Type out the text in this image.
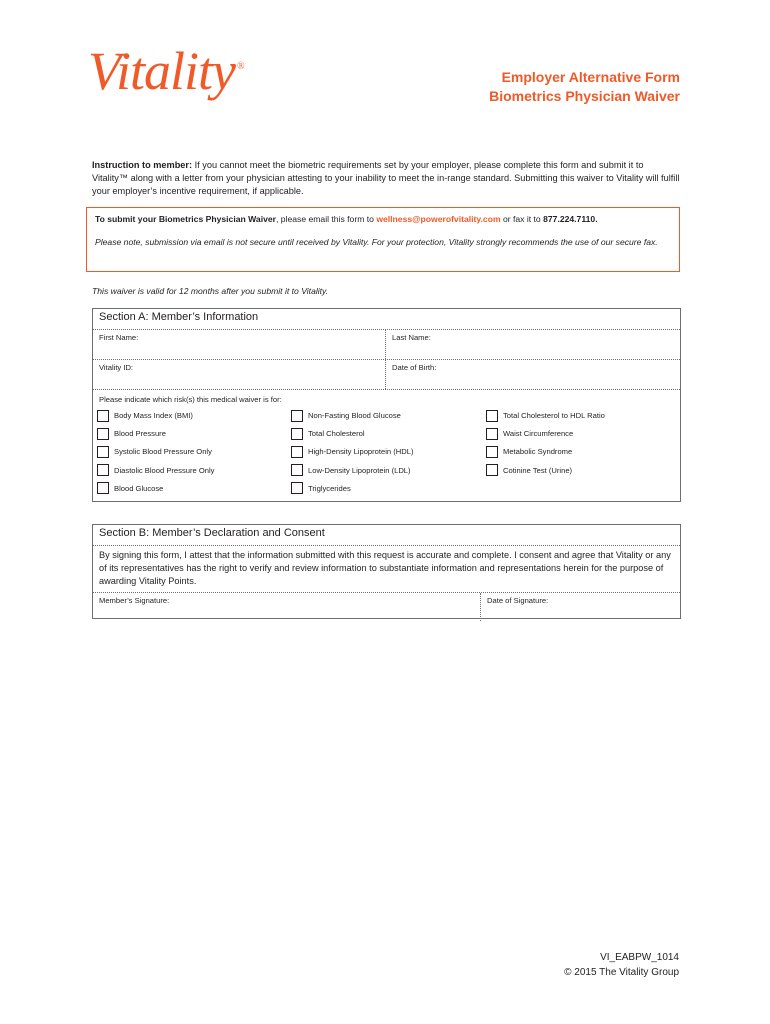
Vitality ®
Employer Alternative Form
Biometrics Physician Waiver
Instruction to member: If you cannot meet the biometric requirements set by your employer, please complete this form and submit it to Vitality™ along with a letter from your physician attesting to your inability to meet the in-range standard. Submitting this waiver to Vitality will fulfill your employer’s incentive requirement, if applicable.
To submit your Biometrics Physician Waiver, please email this form to wellness@powerofvitality.com or fax it to 877.224.7110.
Please note, submission via email is not secure until received by Vitality. For your protection, Vitality strongly recommends the use of our secure fax.
This waiver is valid for 12 months after you submit it to Vitality.
Section A: Member’s Information
First Name:	Last Name:
Vitality ID:	Date of Birth:
Please indicate which risk(s) this medical waiver is for:
Body Mass Index (BMI)	Non-Fasting Blood Glucose	Total Cholesterol to HDL Ratio
Blood Pressure	Total Cholesterol	Waist Circumference
Systolic Blood Pressure Only	High-Density Lipoprotein (HDL)	Metabolic Syndrome
Diastolic Blood Pressure Only	Low-Density Lipoprotein (LDL)	Cotinine Test (Urine)
Blood Glucose	Triglycerides
Section B: Member’s Declaration and Consent
By signing this form, I attest that the information submitted with this request is accurate and complete. I consent and agree that Vitality or any of its representatives has the right to verify and review information to substantiate information and representations herein for the purpose of awarding Vitality Points.
Member’s Signature:	Date of Signature:
VI_EABPW_1014
© 2015 The Vitality Group
